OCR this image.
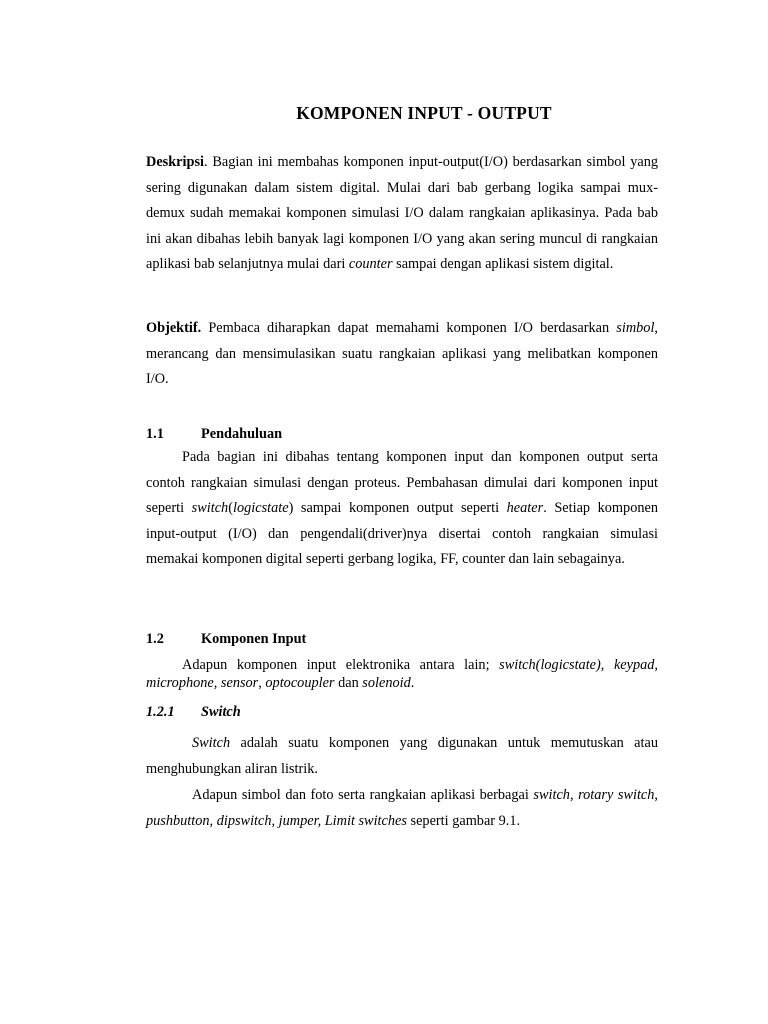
KOMPONEN INPUT - OUTPUT

Deskripsi. Bagian ini membahas komponen input-output(I/O) berdasarkan simbol yang sering digunakan dalam sistem digital. Mulai dari bab gerbang logika sampai mux-demux sudah memakai komponen simulasi I/O dalam rangkaian aplikasinya. Pada bab ini akan dibahas lebih banyak lagi komponen I/O yang akan sering muncul di rangkaian aplikasi bab selanjutnya mulai dari counter sampai dengan aplikasi sistem digital.

Objektif. Pembaca diharapkan dapat memahami komponen I/O berdasarkan simbol, merancang dan mensimulasikan suatu rangkaian aplikasi yang melibatkan komponen I/O.

1.1	Pendahuluan

Pada bagian ini dibahas tentang komponen input dan komponen output serta contoh rangkaian simulasi dengan proteus. Pembahasan dimulai dari komponen input seperti switch(logicstate) sampai komponen output seperti heater. Setiap komponen input-output (I/O) dan pengendali(driver)nya disertai contoh rangkaian simulasi memakai komponen digital seperti gerbang logika, FF, counter dan lain sebagainya.

1.2	Komponen Input

Adapun komponen input elektronika antara lain; switch(logicstate), keypad, microphone, sensor, optocoupler dan solenoid.

1.2.1 Switch

Switch adalah suatu komponen yang digunakan untuk memutuskan atau menghubungkan aliran listrik.

Adapun simbol dan foto serta rangkaian aplikasi berbagai switch, rotary switch, pushbutton, dipswitch, jumper, Limit switches seperti gambar 9.1.
